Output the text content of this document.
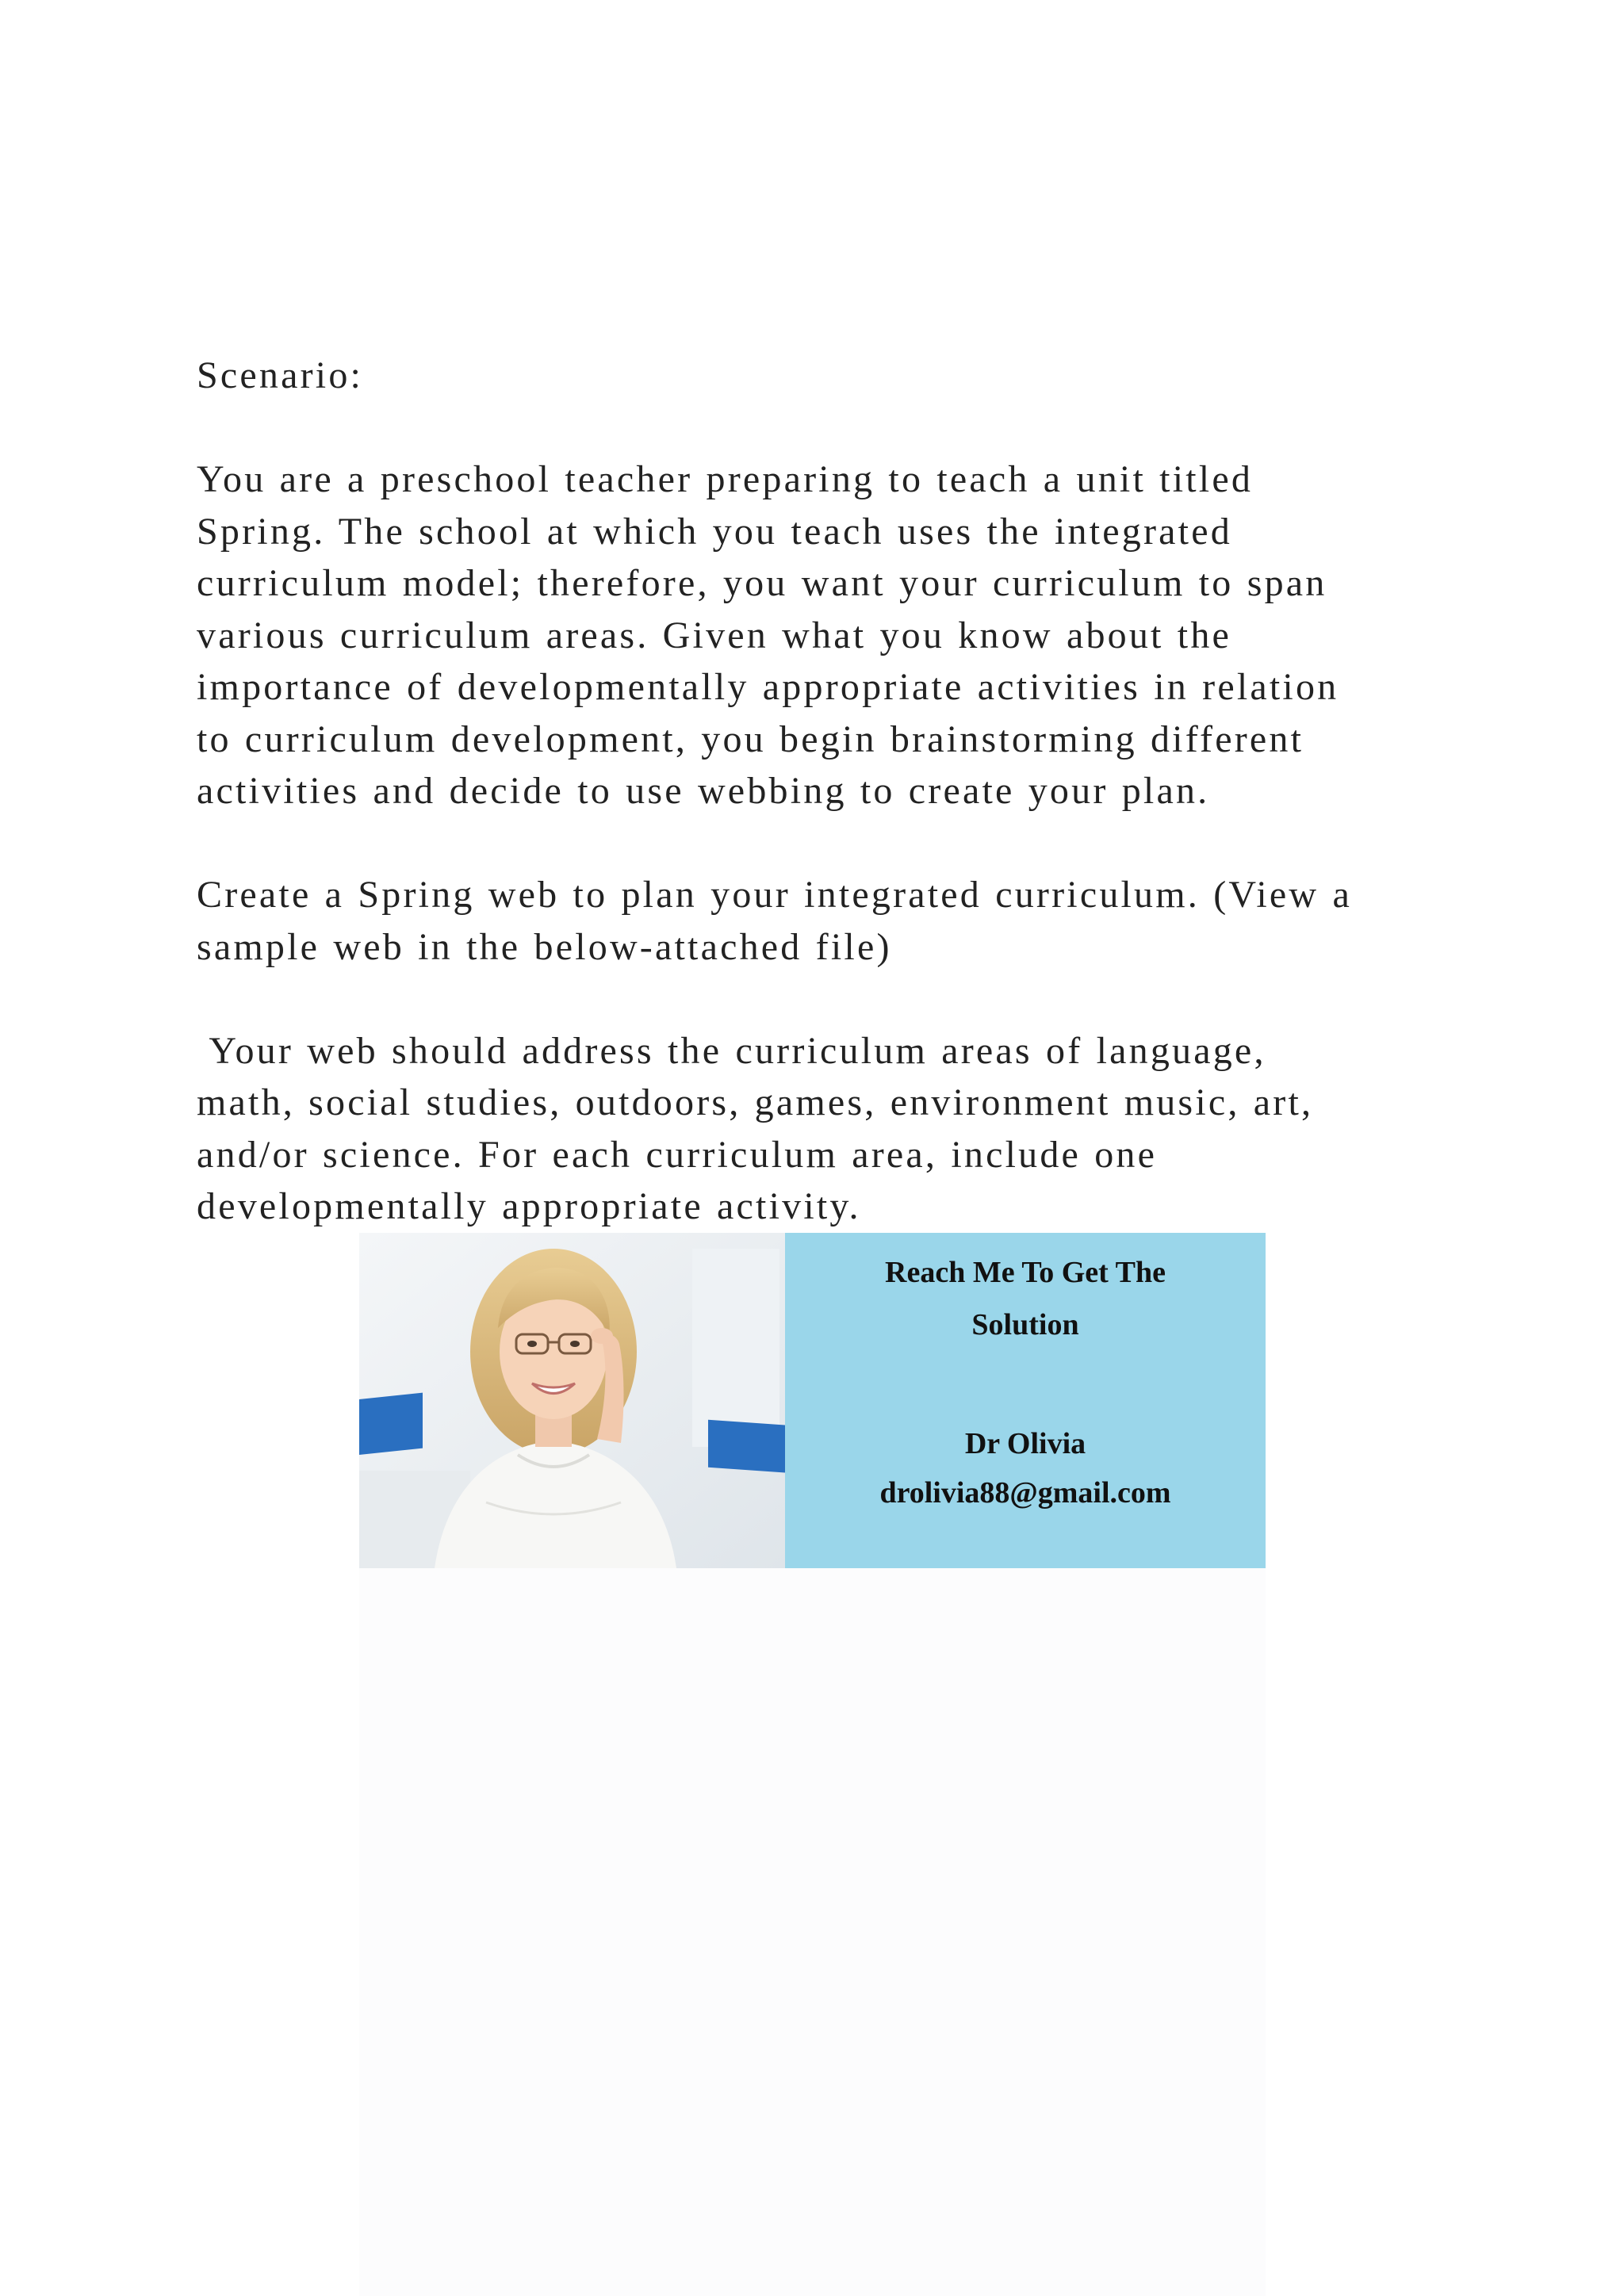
Scenario:
You are a preschool teacher preparing to teach a unit titled
Spring. The school at which you teach uses the integrated
curriculum model; therefore, you want your curriculum to span
various curriculum areas. Given what you know about the
importance of developmentally appropriate activities in relation
to curriculum development, you begin brainstorming different
activities and decide to use webbing to create your plan.
Create a Spring web to plan your integrated curriculum. (View a
sample web in the below-attached file)
Your web should address the curriculum areas of language,
math, social studies, outdoors, games, environment music, art,
and/or science. For each curriculum area, include one
developmentally appropriate activity.
Reach Me To Get The
Solution
Dr Olivia
drolivia88@gmail.com
